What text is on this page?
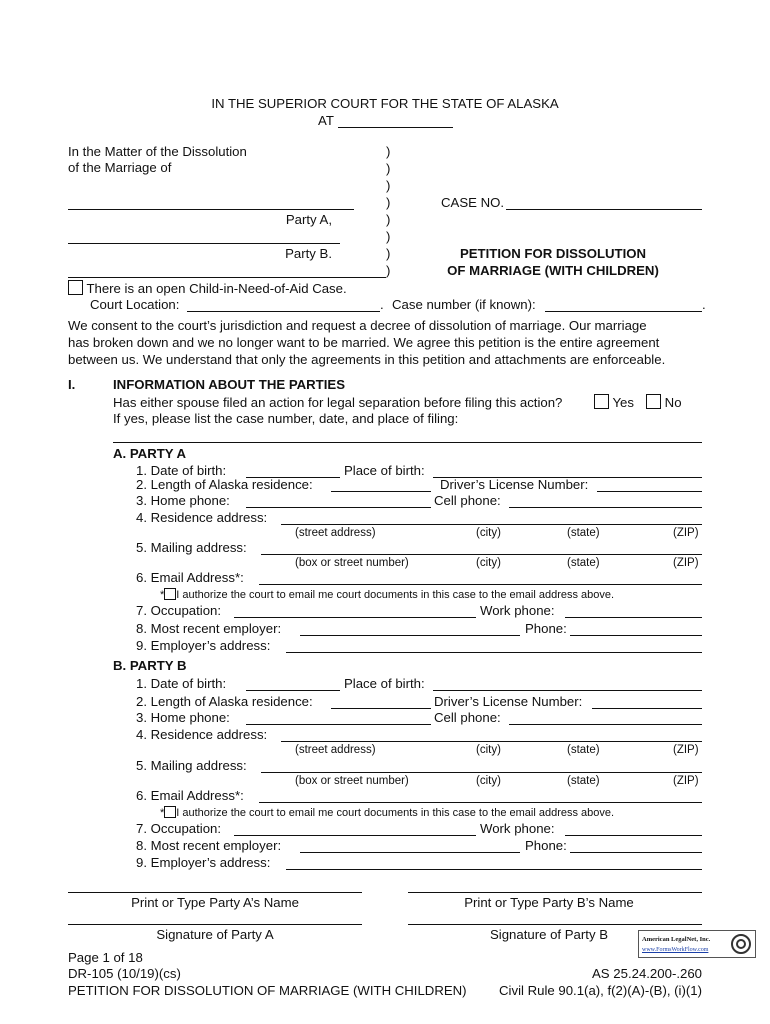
IN THE SUPERIOR COURT FOR THE STATE OF ALASKA
AT
In the Matter of the Dissolution
of the Marriage of
Party A,
Party B.
)
)
)
)
)
)
)
)
CASE NO.
PETITION FOR DISSOLUTION
OF MARRIAGE (WITH CHILDREN)
There is an open Child-in-Need-of-Aid Case.
Court Location:	. Case number (if known):	.
We consent to the court’s jurisdiction and request a decree of dissolution of marriage. Our marriage
has broken down and we no longer want to be married. We agree this petition is the entire agreement
between us. We understand that only the agreements in this petition and attachments are enforceable.
I.	INFORMATION ABOUT THE PARTIES
Has either spouse filed an action for legal separation before filing this action?	Yes	No
If yes, please list the case number, date, and place of filing:
A. PARTY A
1. Date of birth:	Place of birth:
2. Length of Alaska residence:	Driver’s License Number:
3. Home phone:	Cell phone:
4. Residence address:
(street address)	(city)	(state)	(ZIP)
5. Mailing address:
(box or street number)	(city)	(state)	(ZIP)
6. Email Address*:
* I authorize the court to email me court documents in this case to the email address above.
7. Occupation:	Work phone:
8. Most recent employer:	Phone:
9. Employer’s address:
B. PARTY B
1. Date of birth:	Place of birth:
2. Length of Alaska residence:	Driver’s License Number:
3. Home phone:	Cell phone:
4. Residence address:
(street address)	(city)	(state)	(ZIP)
5. Mailing address:
(box or street number)	(city)	(state)	(ZIP)
6. Email Address*:
* I authorize the court to email me court documents in this case to the email address above.
7. Occupation:	Work phone:
8. Most recent employer:	Phone:
9. Employer’s address:
Print or Type Party A’s Name	Print or Type Party B’s Name
Signature of Party A	Signature of Party B	American LegalNet, Inc.
www.FormsWorkFlow.com
Page 1 of 18
DR-105 (10/19)(cs)
PETITION FOR DISSOLUTION OF MARRIAGE (WITH CHILDREN)
AS 25.24.200-.260
Civil Rule 90.1(a), f(2)(A)-(B), (i)(1)
